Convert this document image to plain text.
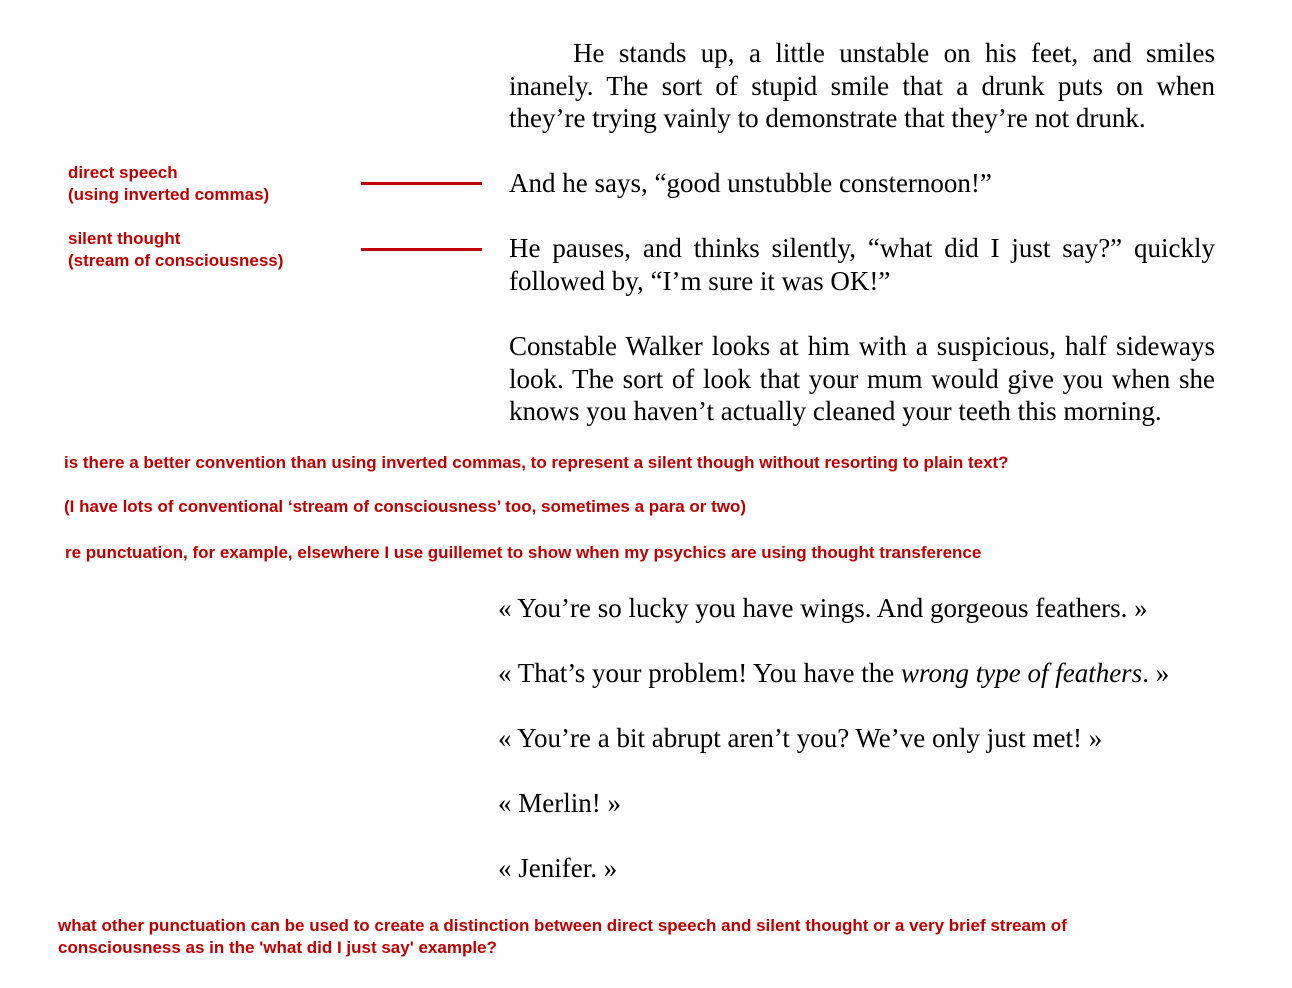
He stands up, a little unstable on his feet, and smiles inanely. The sort of stupid smile that a drunk puts on when they’re trying vainly to demonstrate that they’re not drunk.

And he says, “good unstubble consternoon!”

He pauses, and thinks silently, “what did I just say?” quickly followed by, “I’m sure it was OK!”

Constable Walker looks at him with a suspicious, half sideways look. The sort of look that your mum would give you when she knows you haven’t actually cleaned your teeth this morning.

direct speech
(using inverted commas)
silent thought
(stream of consciousness)
is there a better convention than using inverted commas, to represent a silent though without resorting to plain text?
(I have lots of conventional ‘stream of consciousness’ too, sometimes a para or two)
re punctuation, for example, elsewhere I use guillemet to show when my psychics are using thought transference

« You’re so lucky you have wings. And gorgeous feathers. »

« That’s your problem! You have the wrong type of feathers. »

« You’re a bit abrupt aren’t you? We’ve only just met! »

« Merlin! »

« Jenifer. »

what other punctuation can be used to create a distinction between direct speech and silent thought or a very brief stream of
consciousness as in the 'what did I just say' example?
